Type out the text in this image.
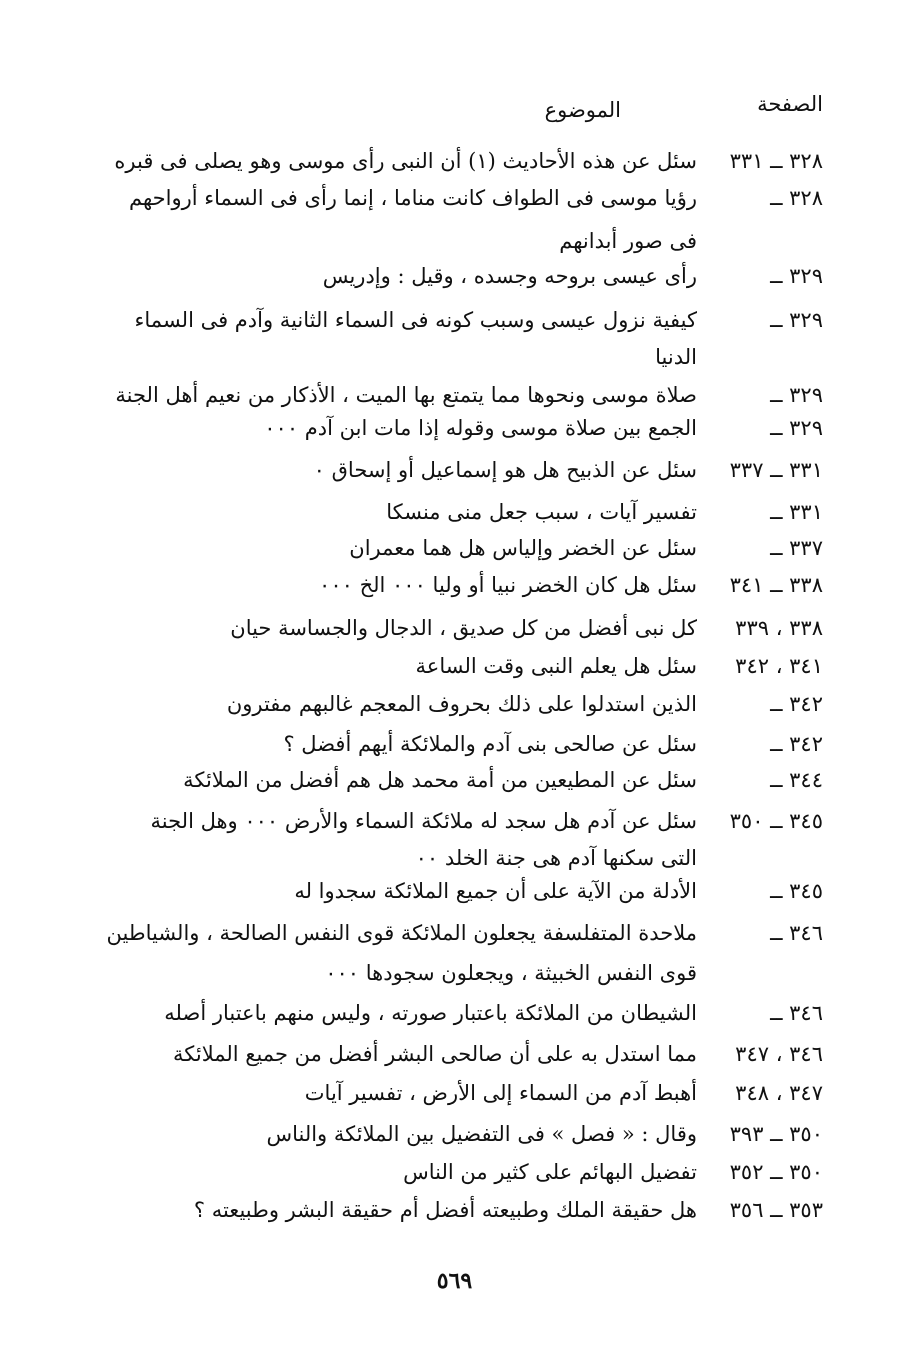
الصفحة
الموضوع
٣٢٨ ــ ٣٣١
سئل عن هذه الأحاديث (١) أن النبى رأى موسى وهو يصلى فى قبره
٣٢٨ ــ
رؤيا موسى فى الطواف كانت مناما ، إنما رأى فى السماء أرواحهم
فى صور أبدانهم
٣٢٩ ــ
رأى عيسى بروحه وجسده ، وقيل : وإدريس
٣٢٩ ــ
كيفية نزول عيسى وسبب كونه فى السماء الثانية وآدم فى السماء
الدنيا
٣٢٩ ــ
صلاة موسى ونحوها مما يتمتع بها الميت ، الأذكار من نعيم أهل الجنة
٣٢٩ ــ
الجمع بين صلاة موسى وقوله إذا مات ابن آدم ٠٠٠
٣٣١ ــ ٣٣٧
سئل عن الذبيح هل هو إسماعيل أو إسحاق ٠
٣٣١ ــ
تفسير آيات ، سبب جعل منى منسكا
٣٣٧ ــ
سئل عن الخضر وإلياس هل هما معمران
٣٣٨ ــ ٣٤١
سئل هل كان الخضر نبيا أو وليا ٠٠٠ الخ ٠٠٠
٣٣٨ ، ٣٣٩
كل نبى أفضل من كل صديق ، الدجال والجساسة حيان
٣٤١ ، ٣٤٢
سئل هل يعلم النبى وقت الساعة
٣٤٢ ــ
الذين استدلوا على ذلك بحروف المعجم غالبهم مفترون
٣٤٢ ــ
سئل عن صالحى بنى آدم والملائكة أيهم أفضل ؟
٣٤٤ ــ
سئل عن المطيعين من أمة محمد هل هم أفضل من الملائكة
٣٤٥ ــ ٣٥٠
سئل عن آدم هل سجد له ملائكة السماء والأرض ٠٠٠ وهل الجنة
التى سكنها آدم هى جنة الخلد ٠٠
٣٤٥ ــ
الأدلة من الآية على أن جميع الملائكة سجدوا له
٣٤٦ ــ
ملاحدة المتفلسفة يجعلون الملائكة قوى النفس الصالحة ، والشياطين
قوى النفس الخبيثة ، ويجعلون سجودها ٠٠٠
٣٤٦ ــ
الشيطان من الملائكة باعتبار صورته ، وليس منهم باعتبار أصله
٣٤٦ ، ٣٤٧
مما استدل به على أن صالحى البشر أفضل من جميع الملائكة
٣٤٧ ، ٣٤٨
أهبط آدم من السماء إلى الأرض ، تفسير آيات
٣٥٠ ــ ٣٩٣
وقال : « فصل » فى التفضيل بين الملائكة والناس
٣٥٠ ــ ٣٥٢
تفضيل البهائم على كثير من الناس
٣٥٣ ــ ٣٥٦
هل حقيقة الملك وطبيعته أفضل أم حقيقة البشر وطبيعته ؟
٥٦٩
